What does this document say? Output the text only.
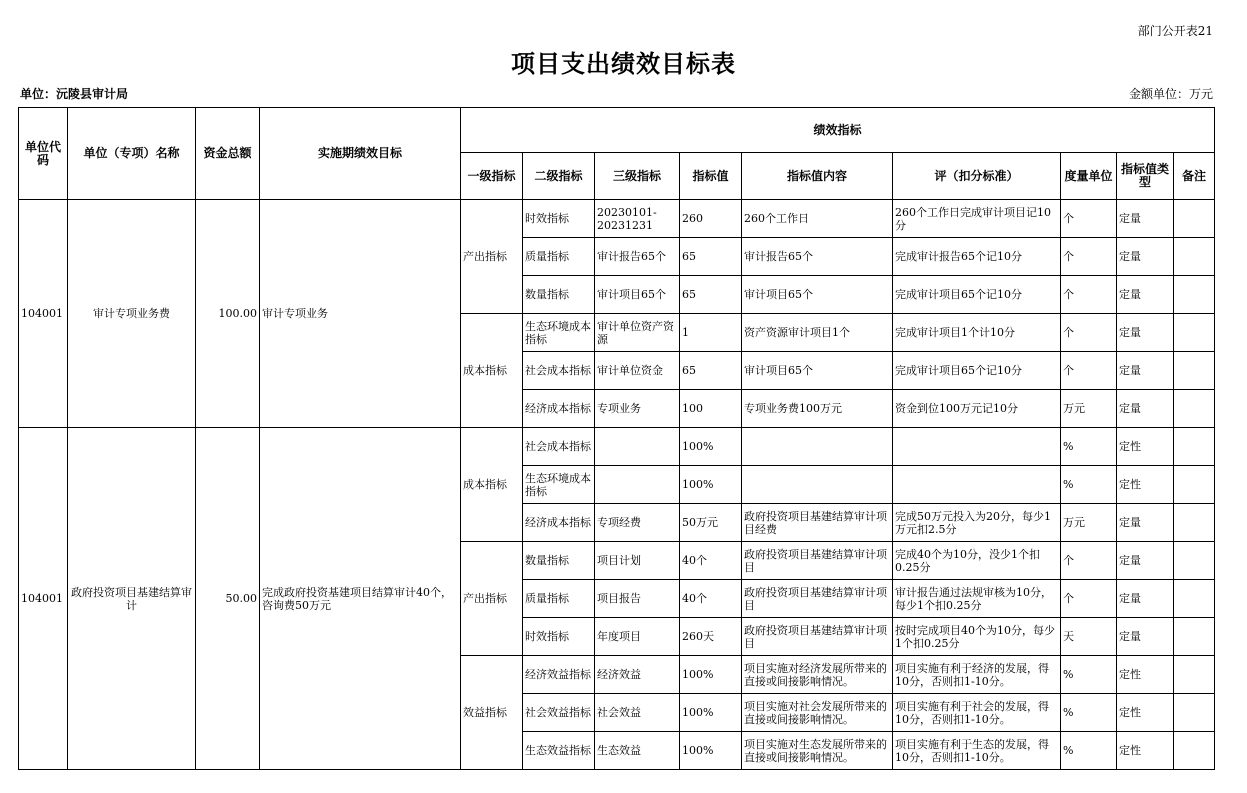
部门公开表21
项目支出绩效目标表
单位：沅陵县审计局	金额单位：万元
单位代码	单位（专项）名称	资金总额	实施期绩效目标	绩效指标								
				一级指标	二级指标	三级指标	指标值	指标值内容	评（扣分标准）	度量单位	指标值类型	备注
104001	审计专项业务费	100.00	审计专项业务	产出指标	时效指标	20230101-20231231	260	260个工作日	260个工作日完成审计项目记10分	个	定量	
					质量指标	审计报告65个	65	审计报告65个	完成审计报告65个记10分	个	定量	
					数量指标	审计项目65个	65	审计项目65个	完成审计项目65个记10分	个	定量	
				成本指标	生态环境成本指标	审计单位资产资源	1	资产资源审计项目1个	完成审计项目1个计10分	个	定量	
					社会成本指标	审计单位资金	65	审计项目65个	完成审计项目65个记10分	个	定量	
					经济成本指标	专项业务	100	专项业务费100万元	资金到位100万元记10分	万元	定量	
104001	政府投资项目基建结算审计	50.00	完成政府投资基建项目结算审计40个，咨询费50万元	成本指标	社会成本指标		100%			%	定性	
					生态环境成本指标		100%			%	定性	
					经济成本指标	专项经费	50万元	政府投资项目基建结算审计项目经费	完成50万元投入为20分，每少1万元扣2.5分	万元	定量	
				产出指标	数量指标	项目计划	40个	政府投资项目基建结算审计项目	完成40个为10分，没少1个扣0.25分	个	定量	
					质量指标	项目报告	40个	政府投资项目基建结算审计项目	审计报告通过法规审核为10分，每少1个扣0.25分	个	定量	
					时效指标	年度项目	260天	政府投资项目基建结算审计项目	按时完成项目40个为10分，每少1个扣0.25分	天	定量	
				效益指标	经济效益指标	经济效益	100%	项目实施对经济发展所带来的直接或间接影响情况。	项目实施有利于经济的发展，得10分，否则扣1-10分。	%	定性	
					社会效益指标	社会效益	100%	项目实施对社会发展所带来的直接或间接影响情况。	项目实施有利于社会的发展，得10分，否则扣1-10分。	%	定性	
					生态效益指标	生态效益	100%	项目实施对生态发展所带来的直接或间接影响情况。	项目实施有利于生态的发展，得10分，否则扣1-10分。	%	定性	
